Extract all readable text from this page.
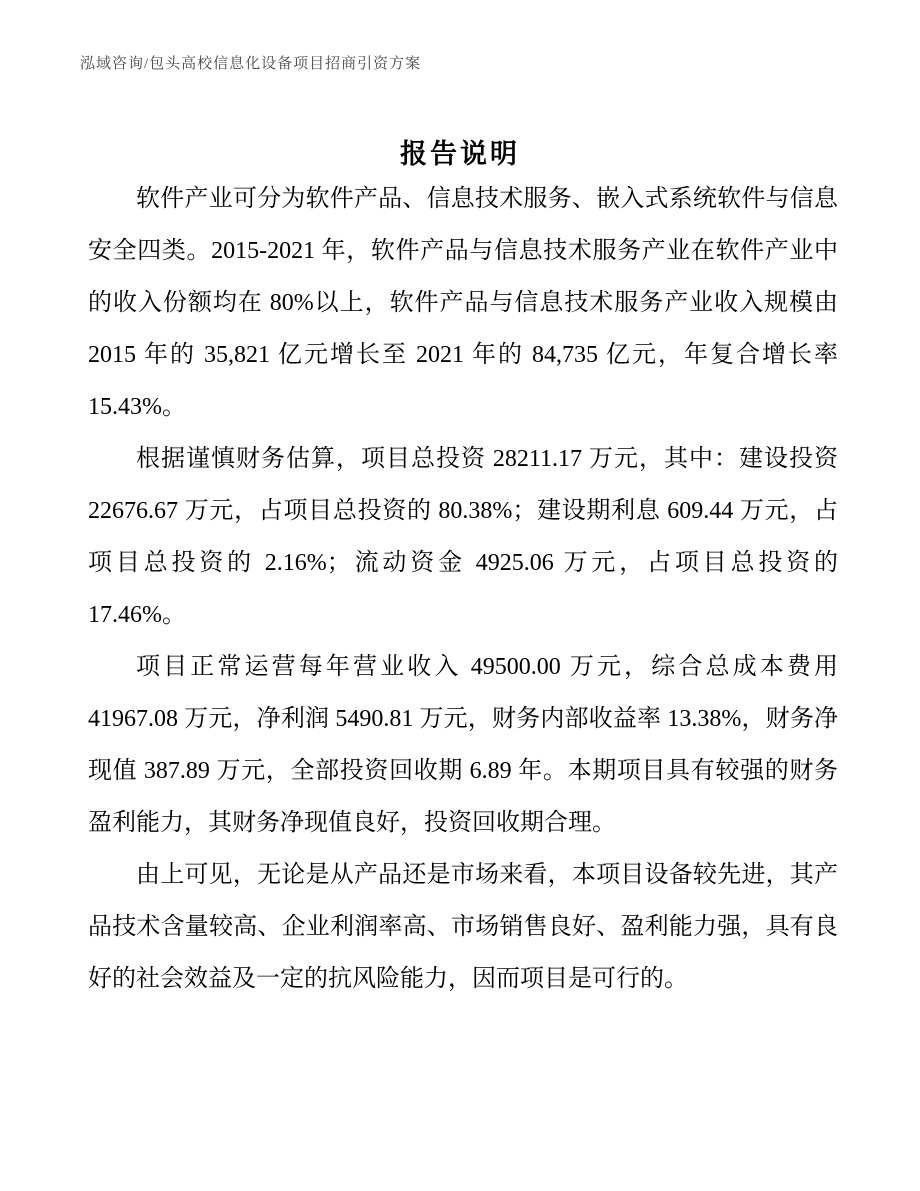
泓域咨询/包头高校信息化设备项目招商引资方案
报告说明

软件产业可分为软件产品、信息技术服务、嵌入式系统软件与信息安全四类。2015-2021 年，软件产品与信息技术服务产业在软件产业中的收入份额均在 80%以上，软件产品与信息技术服务产业收入规模由 2015 年的 35,821 亿元增长至 2021 年的 84,735 亿元，年复合增长率 15.43%。

根据谨慎财务估算，项目总投资 28211.17 万元，其中：建设投资 22676.67 万元，占项目总投资的 80.38%；建设期利息 609.44 万元，占项目总投资的 2.16%；流动资金 4925.06 万元，占项目总投资的 17.46%。

项目正常运营每年营业收入 49500.00 万元，综合总成本费用 41967.08 万元，净利润 5490.81 万元，财务内部收益率 13.38%，财务净现值 387.89 万元，全部投资回收期 6.89 年。本期项目具有较强的财务盈利能力，其财务净现值良好，投资回收期合理。

由上可见，无论是从产品还是市场来看，本项目设备较先进，其产品技术含量较高、企业利润率高、市场销售良好、盈利能力强，具有良好的社会效益及一定的抗风险能力，因而项目是可行的。
